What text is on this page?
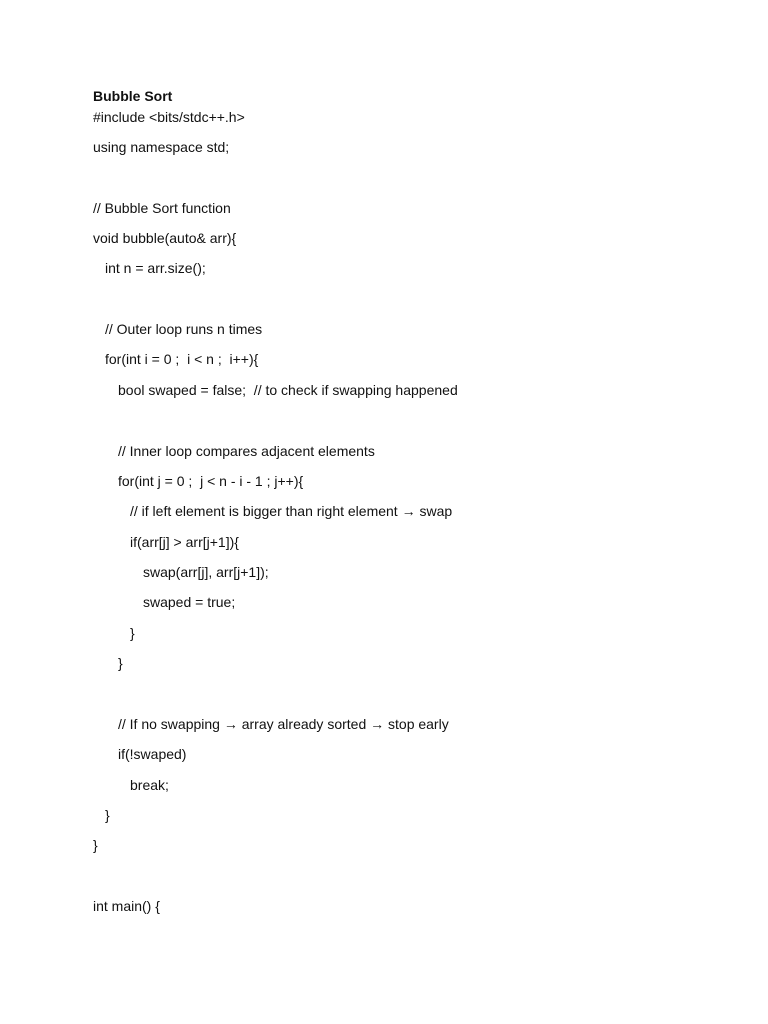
Bubble Sort
#include <bits/stdc++.h>
using namespace std;
// Bubble Sort function
void bubble(auto& arr){
int n = arr.size();
// Outer loop runs n times
for(int i = 0 ;  i < n ;  i++){
bool swaped = false;  // to check if swapping happened
// Inner loop compares adjacent elements
for(int j = 0 ;  j < n - i - 1 ; j++){
// if left element is bigger than right element → swap
if(arr[j] > arr[j+1]){
swap(arr[j], arr[j+1]);
swaped = true;
}
}
// If no swapping → array already sorted → stop early
if(!swaped)
break;
}
}
int main() {
